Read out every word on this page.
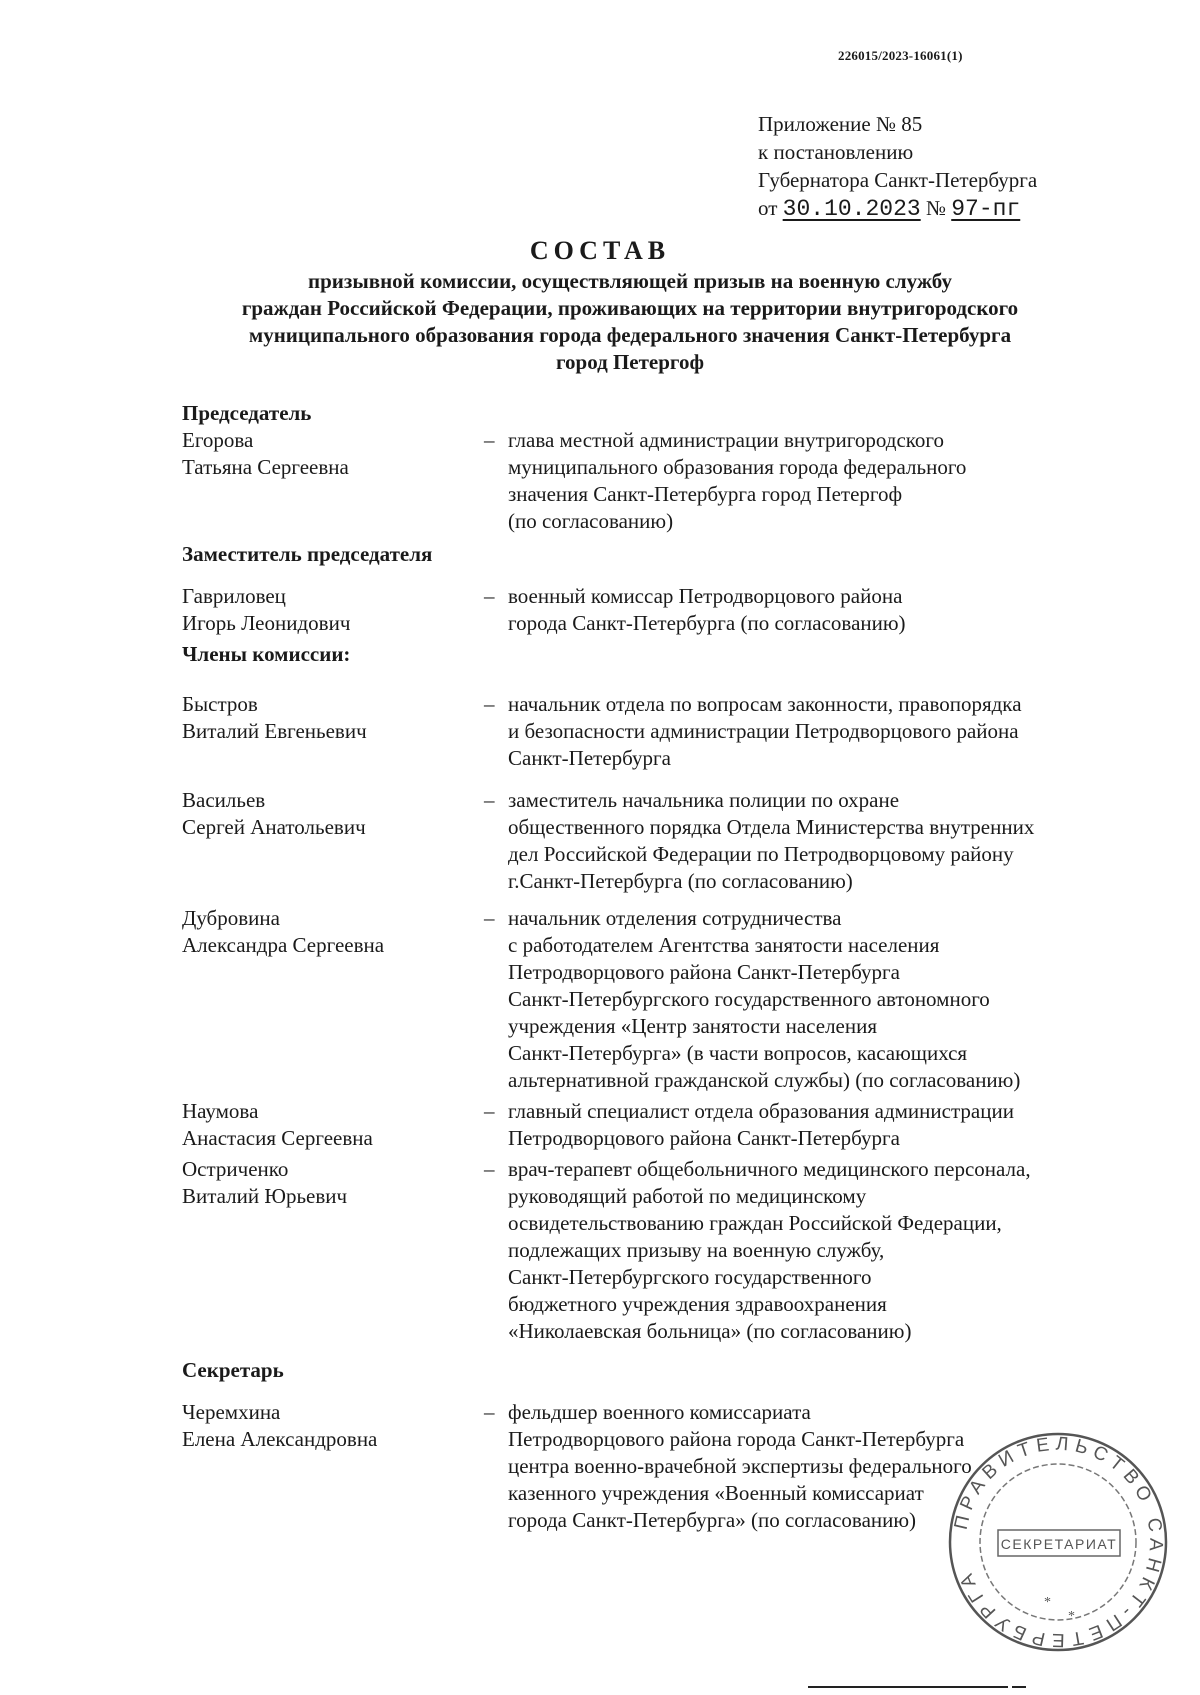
226015/2023-16061(1)
Приложение № 85
к постановлению
Губернатора Санкт-Петербурга
от 30.10.2023 № 97-пг
СОСТАВ
призывной комиссии, осуществляющей призыв на военную службу
граждан Российской Федерации, проживающих на территории внутригородского
муниципального образования города федерального значения Санкт-Петербурга
город Петергоф

Председатель

Егорова
Татьяна Сергеевна
– глава местной администрации внутригородского
муниципального образования города федерального
значения Санкт-Петербурга город Петергоф
(по согласованию)

Заместитель председателя

Гавриловец
Игорь Леонидович
– военный комиссар Петродворцового района
города Санкт-Петербурга (по согласованию)

Члены комиссии:

Быстров
Виталий Евгеньевич
– начальник отдела по вопросам законности, правопорядка
и безопасности администрации Петродворцового района
Санкт-Петербурга
Васильев
Сергей Анатольевич
– заместитель начальника полиции по охране
общественного порядка Отдела Министерства внутренних
дел Российской Федерации по Петродворцовому району
г.Санкт-Петербурга (по согласованию)
Дубровина
Александра Сергеевна
– начальник отделения сотрудничества
с работодателем Агентства занятости населения
Петродворцового района Санкт-Петербурга
Санкт-Петербургского государственного автономного
учреждения «Центр занятости населения
Санкт-Петербурга» (в части вопросов, касающихся
альтернативной гражданской службы) (по согласованию)
Наумова
Анастасия Сергеевна
– главный специалист отдела образования администрации
Петродворцового района Санкт-Петербурга
Остриченко
Виталий Юрьевич
– врач-терапевт общебольничного медицинского персонала,
руководящий работой по медицинскому
освидетельствованию граждан Российской Федерации,
подлежащих призыву на военную службу,
Санкт-Петербургского государственного
бюджетного учреждения здравоохранения
«Николаевская больница» (по согласованию)

Секретарь

Черемхина
Елена Александровна
– фельдшер военного комиссариата
Петродворцового района города Санкт-Петербурга
центра военно-врачебной экспертизы федерального
казенного учреждения «Военный комиссариат
города Санкт-Петербурга» (по согласованию)	ПРАВИТЕЛЬСТВО САНКТ-ПЕТЕРБУРГА
СЕКРЕТАРИАТ
*
*
